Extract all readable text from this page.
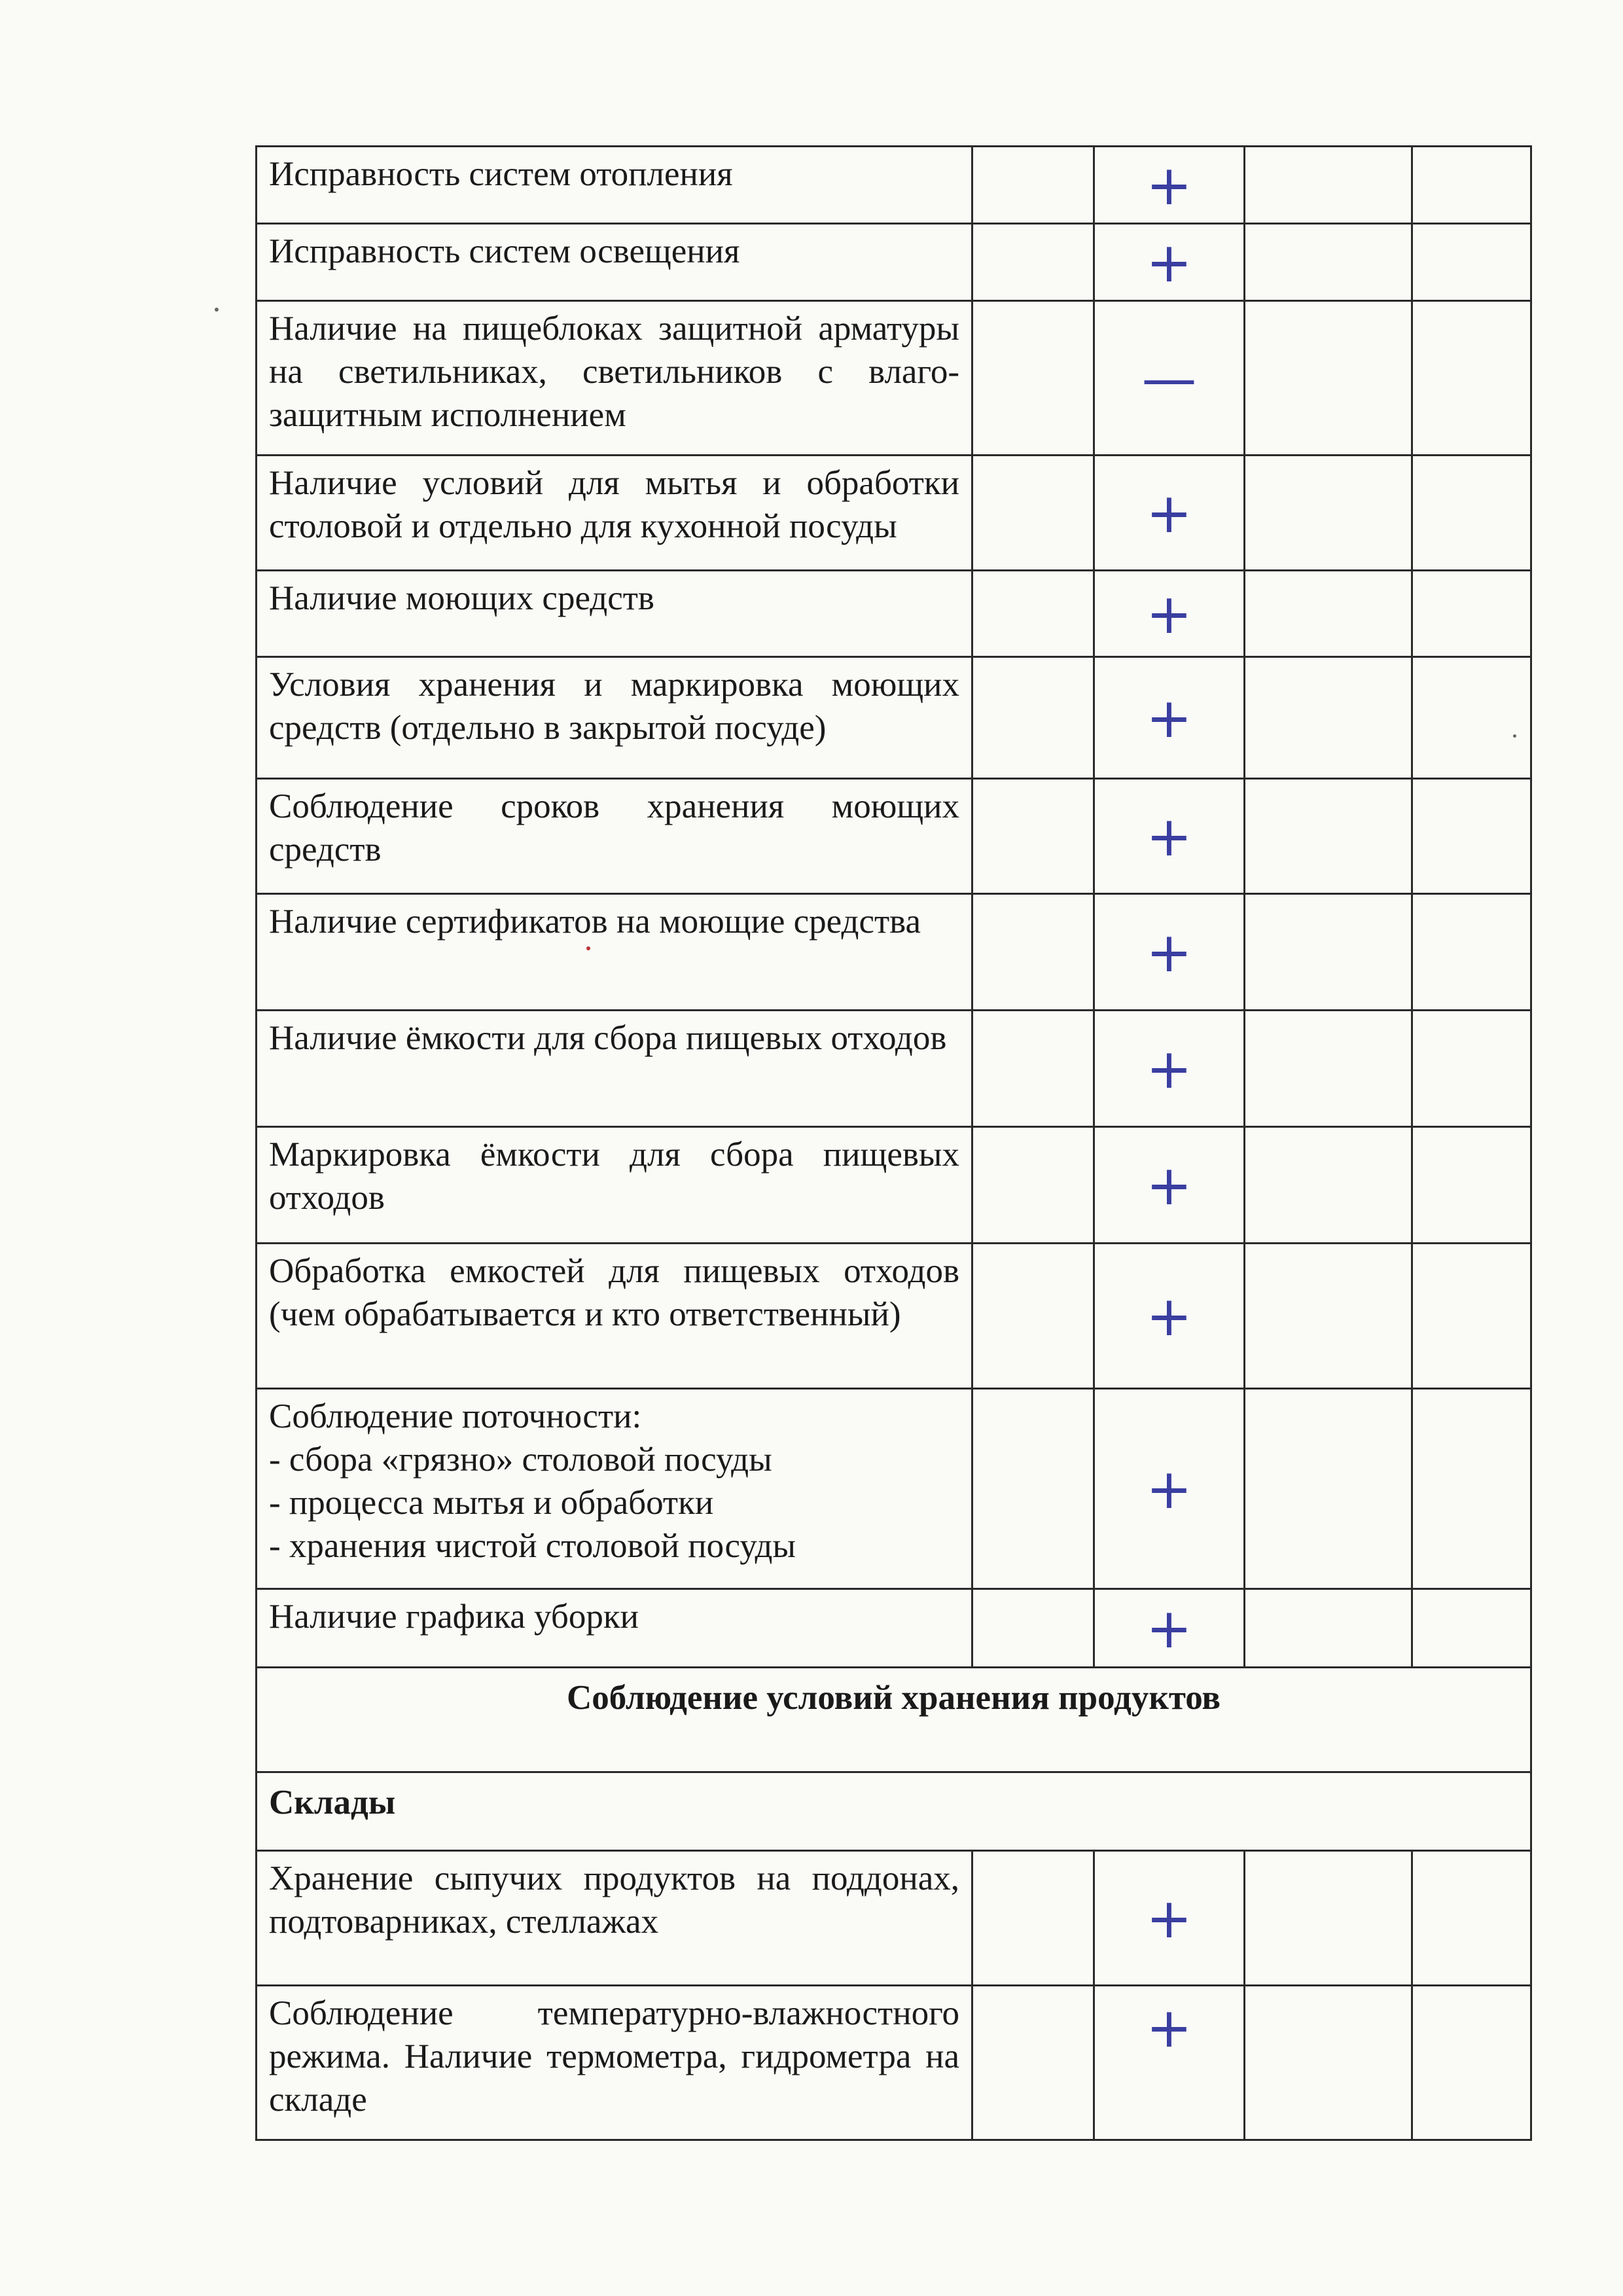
Исправность систем отопления		+		
Исправность систем освещения		+		
Наличие на пищеблоках защитной арматуры на светильниках, светильников с влаго-защитным исполнением		—		
Наличие условий для мытья и обработки столовой и отдельно для кухонной посуды		+		
Наличие моющих средств		+		
Условия хранения и маркировка моющих средств (отдельно в закрытой посуде)		+		
Соблюдение сроков хранения моющих средств		+		
Наличие сертификатов на моющие средства		+		
Наличие ёмкости для сбора пищевых отходов		+		
Маркировка ёмкости для сбора пищевых отходов		+		
Обработка емкостей для пищевых отходов (чем обрабатывается и кто ответственный)		+		

Соблюдение поточности:
- сбора «грязно» столовой посуды
- процесса мытья и обработки
- хранения чистой столовой посуды		+		
Наличие графика уборки		+		
Соблюдение условий хранения продуктов				
Склады				
Хранение сыпучих продуктов на поддонах, подтоварниках, стеллажах		+		
Соблюдение температурно-влажностного режима. Наличие термометра, гидрометра на складе		+		
